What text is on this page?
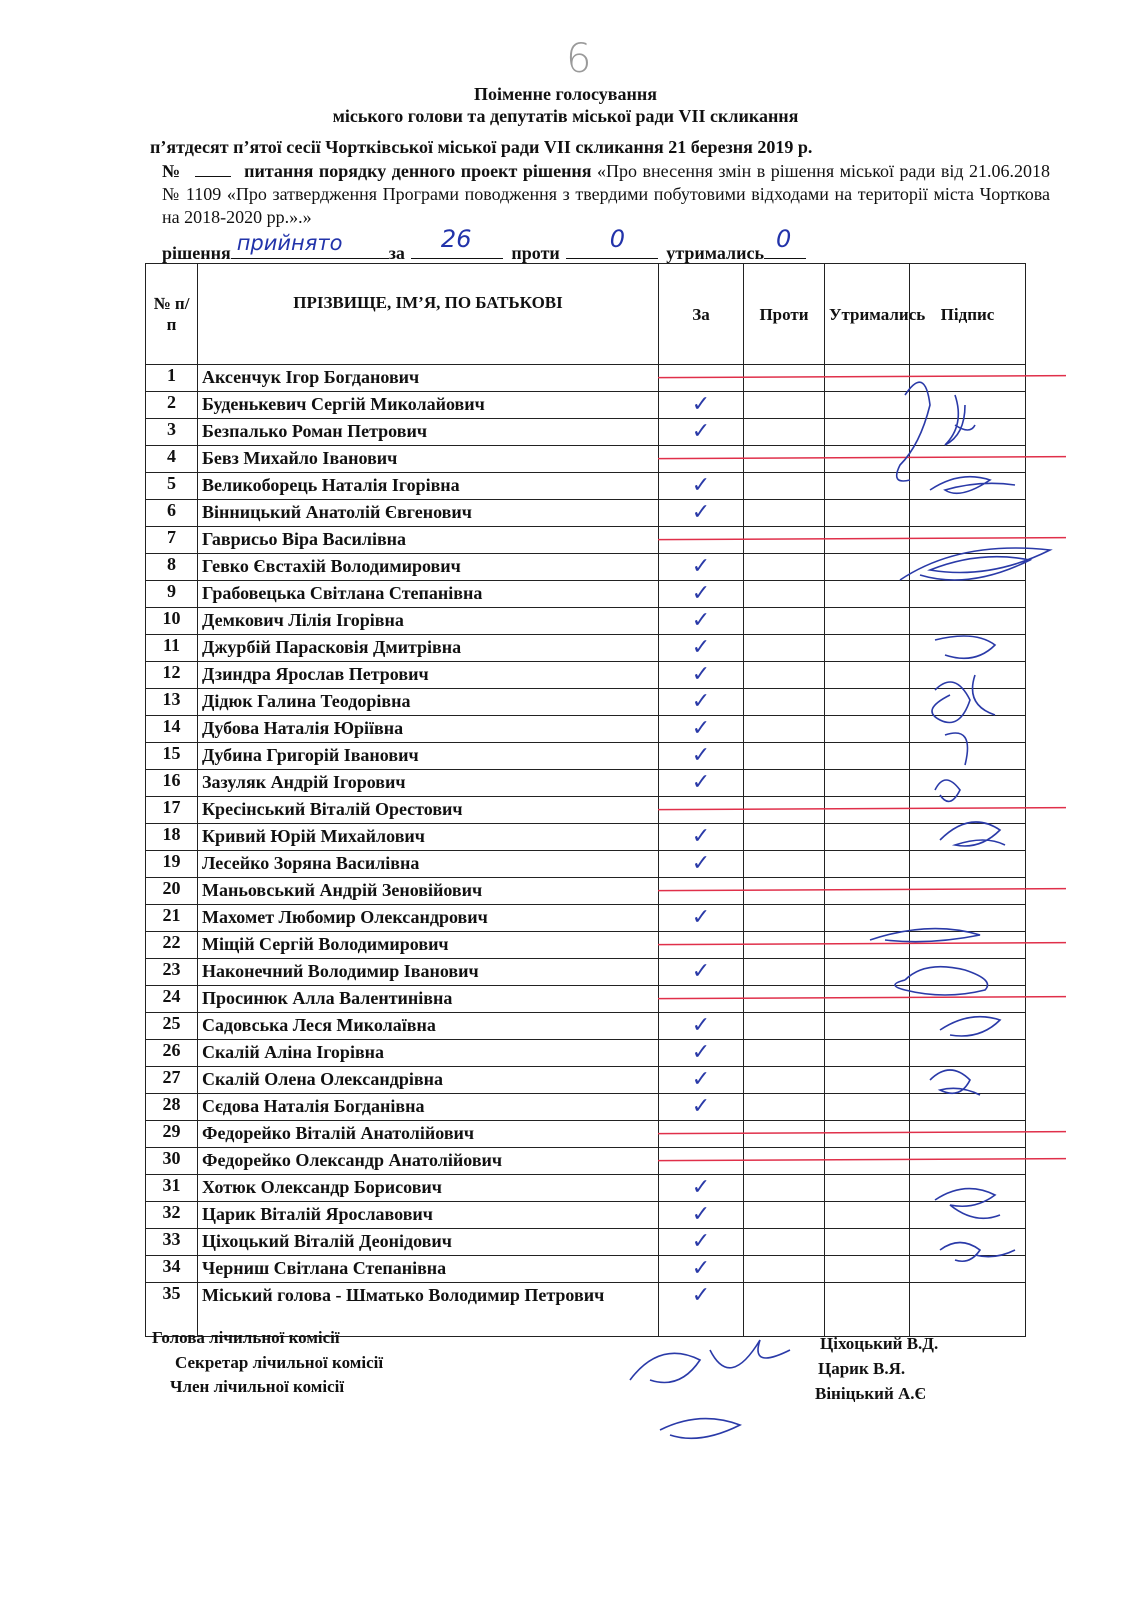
6
Поіменне голосування
міського голови та депутатів міської ради VІІ скликання
п’ятдесят п’ятої сесії Чортківської міської ради VІІ скликання 21 березня 2019 р.
№	питання порядку денного проект рішення «Про внесення змін в рішення міської ради від 21.06.2018 № 1109 «Про затвердження Програми поводження з твердими побутовими відходами на території міста Чорткова на 2018-2020 рр.».»
рішення прийнято	за 26 проти 0 утримались 0
№ п/п	ПРІЗВИЩЕ, ІМ’Я, ПО БАТЬКОВІ	За	Проти	Утримались	Підпис
1	Аксенчук Ігор Богданович				
2	Буденькевич Сергій Миколайович	✓			
3	Безпалько Роман Петрович	✓			
4	Бевз Михайло Іванович				
5	Великоборець Наталія Ігорівна	✓			
6	Вінницький Анатолій Євгенович	✓			
7	Гаврисьо Віра Василівна				
8	Гевко Євстахій Володимирович	✓			
9	Грабовецька Світлана Степанівна	✓			
10	Демкович Лілія Ігорівна	✓			
11	Джурбій Парасковія Дмитрівна	✓			
12	Дзиндра Ярослав Петрович	✓			
13	Дідюк Галина Теодорівна	✓			
14	Дубова Наталія Юріївна	✓			
15	Дубина Григорій Іванович	✓			
16	Зазуляк Андрій Ігорович	✓			
17	Кресінський Віталій Орестович				
18	Кривий Юрій Михайлович	✓			
19	Лесейко Зоряна Василівна	✓			
20	Маньовський Андрій Зеновійович				
21	Махомет Любомир Олександрович	✓			
22	Міщій Сергій Володимирович				
23	Наконечний Володимир Іванович	✓			
24	Просинюк Алла Валентинівна				
25	Садовська Леся Миколаївна	✓			
26	Скалій Аліна Ігорівна	✓			
27	Скалій Олена Олександрівна	✓			
28	Сєдова Наталія Богданівна	✓			
29	Федорейко Віталій Анатолійович				
30	Федорейко Олександр Анатолійович				
31	Хотюк Олександр Борисович	✓			
32	Царик Віталій Ярославович	✓			
33	Ціхоцький Віталій Деонідович	✓			
34	Черниш Світлана Степанівна	✓			
35	Міський голова - Шматько Володимир Петрович	✓			
Голова лічильної комісії
Секретар лічильної комісії
Член лічильної комісії
Ціхоцький В.Д.
Царик В.Я.
Вініцький А.Є
